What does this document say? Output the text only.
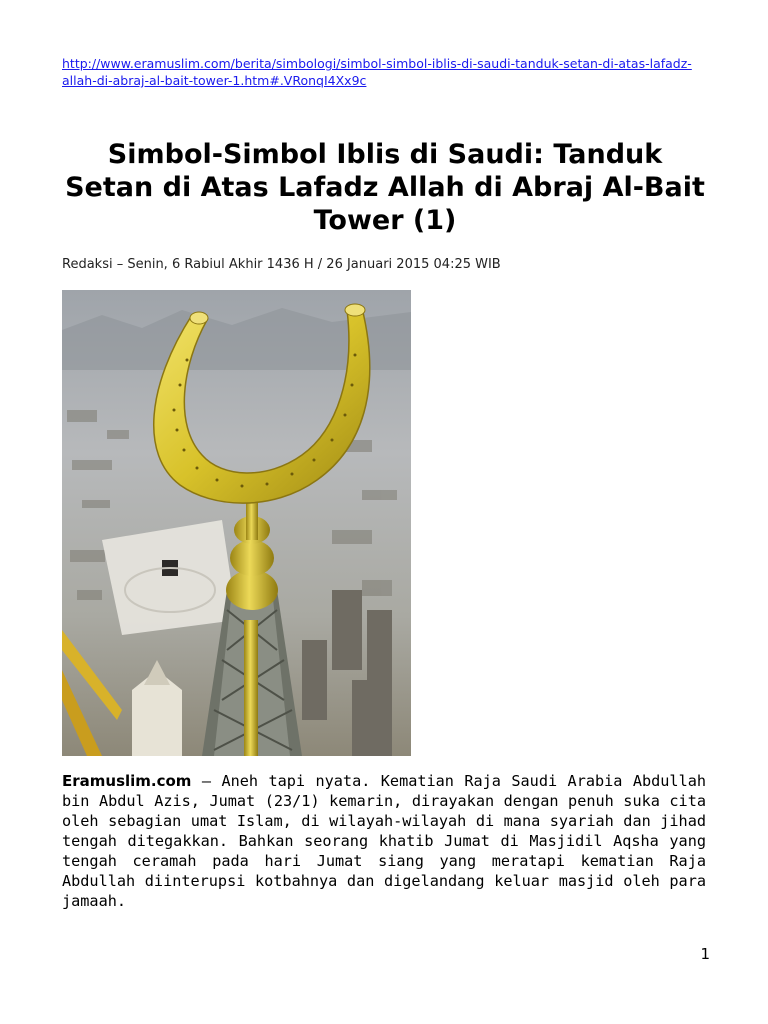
http://www.eramuslim.com/berita/simbologi/simbol-simbol-iblis-di-saudi-tanduk-setan-di-atas-lafadz-allah-di-abraj-al-bait-tower-1.htm#.VRonqI4Xx9c
Simbol-Simbol Iblis di Saudi: Tanduk Setan di Atas Lafadz Allah di Abraj Al-Bait Tower (1)
Redaksi – Senin, 6 Rabiul Akhir 1436 H / 26 Januari 2015 04:25 WIB

Eramuslim.com – Aneh tapi nyata. Kematian Raja Saudi Arabia Abdullah bin Abdul Azis, Jumat (23/1) kemarin, dirayakan dengan penuh suka cita oleh sebagian umat Islam, di wilayah-wilayah di mana syariah dan jihad tengah ditegakkan. Bahkan seorang khatib Jumat di Masjidil Aqsha yang tengah ceramah pada hari Jumat siang yang meratapi kematian Raja Abdullah diinterupsi kotbahnya dan digelandang keluar masjid oleh para jamaah.

1
